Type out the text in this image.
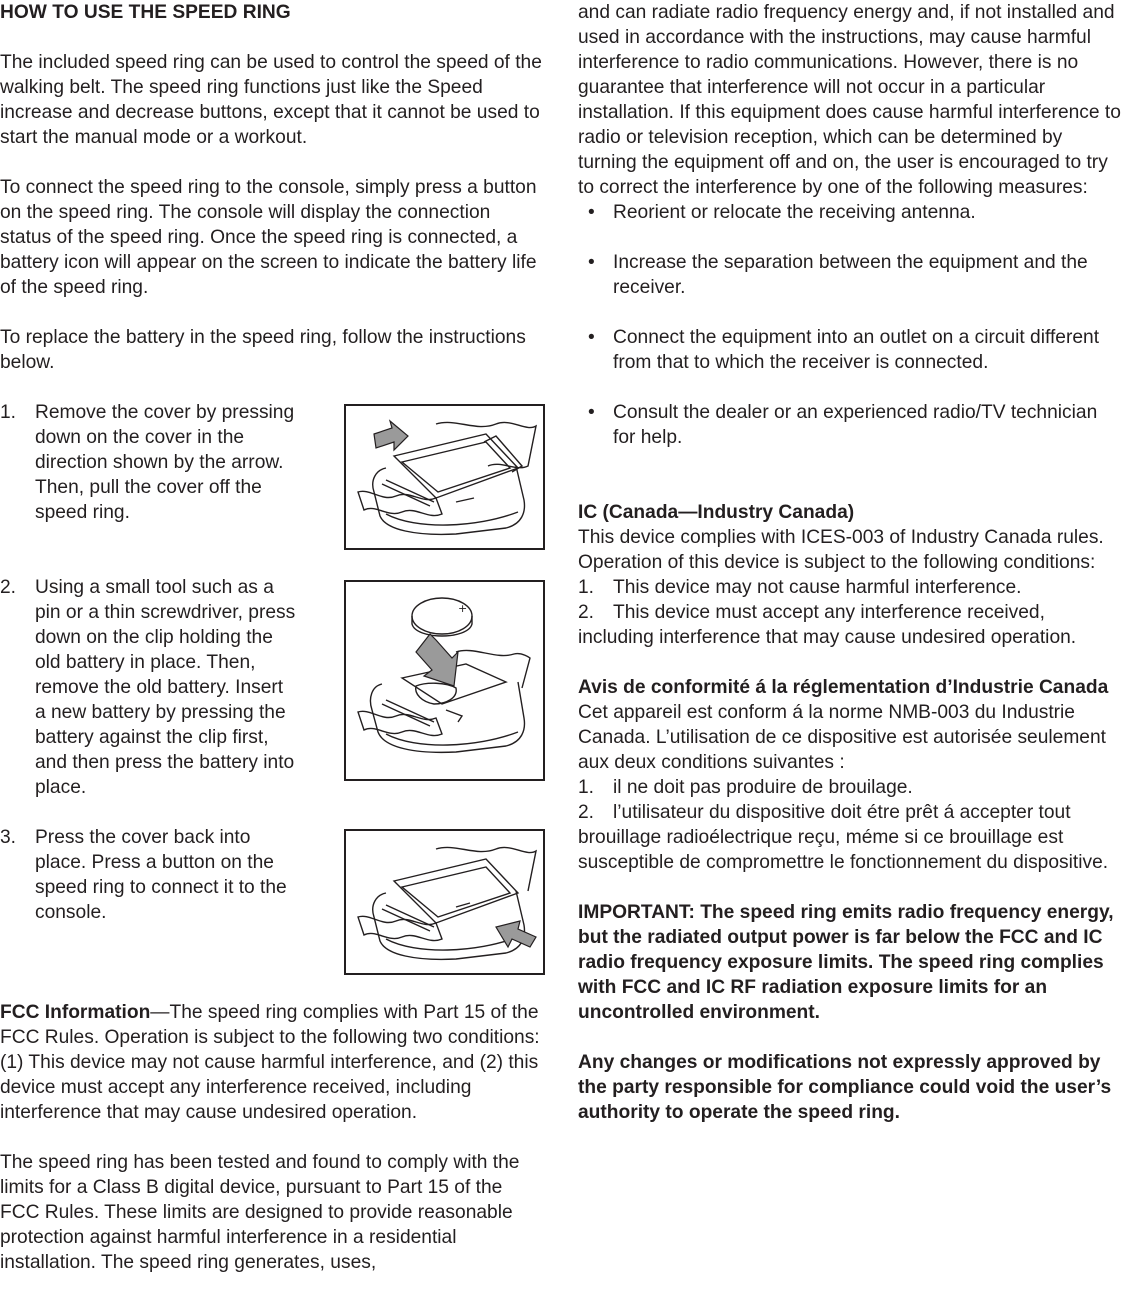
HOW TO USE THE SPEED RING

The included speed ring can be used to control the speed of the walking belt. The speed ring functions just like the Speed increase and decrease buttons, except that it cannot be used to start the manual mode or a workout.

To connect the speed ring to the console, simply press a button on the speed ring. The console will display the connection status of the speed ring. Once the speed ring is connected, a battery icon will appear on the screen to indicate the battery life of the speed ring.

To replace the battery in the speed ring, follow the instructions below.

1. Remove the cover by pressing down on the cover in the direction shown by the arrow. Then, pull the cover off the speed ring.

2. Using a small tool such as a pin or a thin screwdriver, press down on the clip holding the old battery in place. Then, remove the old battery. Insert a new battery by pressing the battery against the clip first, and then press the battery into place.

3. Press the cover back into place. Press a button on the speed ring to connect it to the console.

FCC Information—The speed ring complies with Part 15 of the FCC Rules. Operation is subject to the following two conditions: (1) This device may not cause harmful interference, and (2) this device must accept any interference received, including interference that may cause undesired operation.

The speed ring has been tested and found to comply with the limits for a Class B digital device, pursuant to Part 15 of the FCC Rules. These limits are designed to provide reasonable protection against harmful interference in a residential installation. The speed ring generates, uses,

+

and can radiate radio frequency energy and, if not installed and used in accordance with the instructions, may cause harmful interference to radio communications. However, there is no guarantee that interference will not occur in a particular installation. If this equipment does cause harmful interference to radio or television reception, which can be determined by turning the equipment off and on, the user is encouraged to try to correct the interference by one of the following measures:

• Reorient or relocate the receiving antenna.

• Increase the separation between the equipment and the receiver.

• Connect the equipment into an outlet on a circuit different from that to which the receiver is connected.

• Consult the dealer or an experienced radio/TV technician for help.

IC (Canada—Industry Canada)

This device complies with ICES-003 of Industry Canada rules. Operation of this device is subject to the following conditions:

1. This device may not cause harmful interference.

2. This device must accept any interference received, including interference that may cause undesired operation.

Avis de conformité á la réglementation d’Industrie Canada

Cet appareil est conform á la norme NMB-003 du Industrie Canada. L’utilisation de ce dispositive est autorisée seulement aux deux conditions suivantes :

1. il ne doit pas produire de brouilage.

2. l’utilisateur du dispositive doit étre prêt á accepter tout brouillage radioélectrique reçu, méme si ce brouillage est susceptible de compromettre le fonctionnement du dispositive.

IMPORTANT: The speed ring emits radio frequency energy, but the radiated output power is far below the FCC and IC radio frequency exposure limits. The speed ring complies with FCC and IC RF radiation exposure limits for an uncontrolled environment.

Any changes or modifications not expressly approved by the party responsible for compliance could void the user’s authority to operate the speed ring.
